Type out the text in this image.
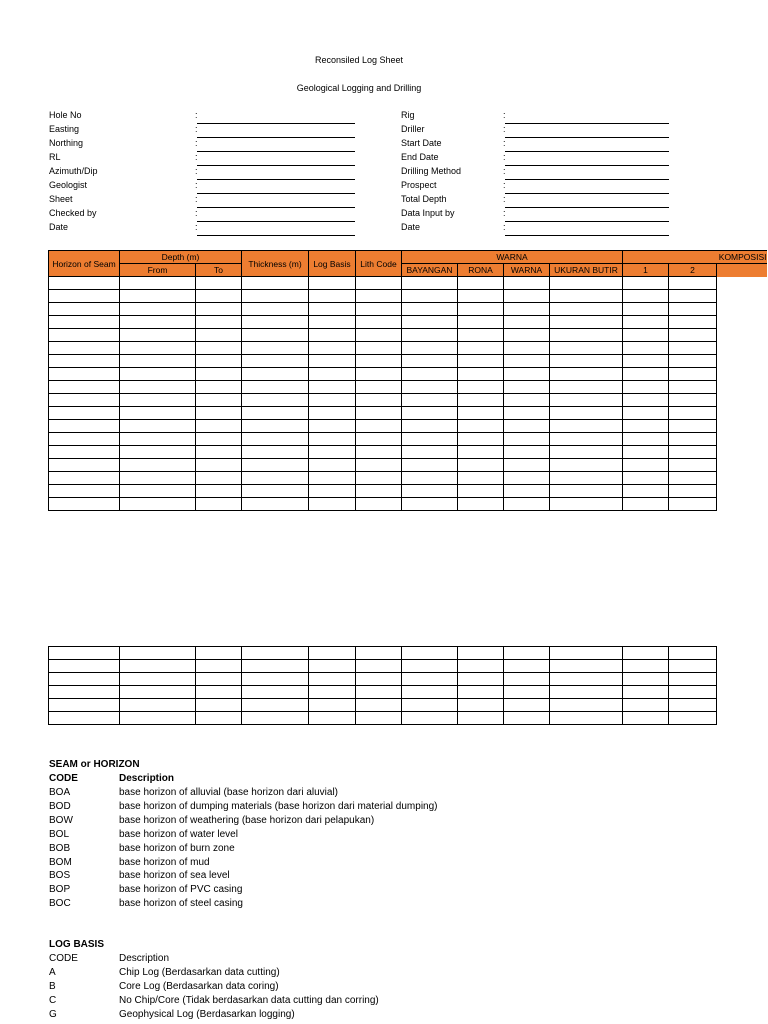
Reconsiled Log Sheet
Geological Logging and Drilling
Hole No	:
Easting	:
Northing	:
RL	:
Azimuth/Dip	:
Geologist	:
Sheet	:
Checked by	:
Date	:
Rig	:
Driller	:
Start Date	:
End Date	:
Drilling Method	:
Prospect	:
Total Depth	:
Data Input by	:
Date	:
Horizon of Seam	Depth (m)		Thickness (m)	Log Basis	Lith Code	WARNA				KOMPOSISI		
	From	To				BAYANGAN	RONA	WARNA	UKURAN BUTIR	1	2	

SEAM or HORIZON
CODE	Description
BOA	base horizon of alluvial (base horizon dari aluvial)
BOD	base horizon of dumping materials (base horizon dari material dumping)
BOW	base horizon of weathering (base horizon dari pelapukan)
BOL	base horizon of water level
BOB	base horizon of burn zone
BOM	base horizon of mud
BOS	base horizon of sea level
BOP	base horizon of PVC casing
BOC	base horizon of steel casing
LOG BASIS
CODE	Description
A	Chip Log (Berdasarkan data cutting)
B	Core Log (Berdasarkan data coring)
C	No Chip/Core (Tidak berdasarkan data cutting dan corring)
G	Geophysical Log (Berdasarkan logging)
